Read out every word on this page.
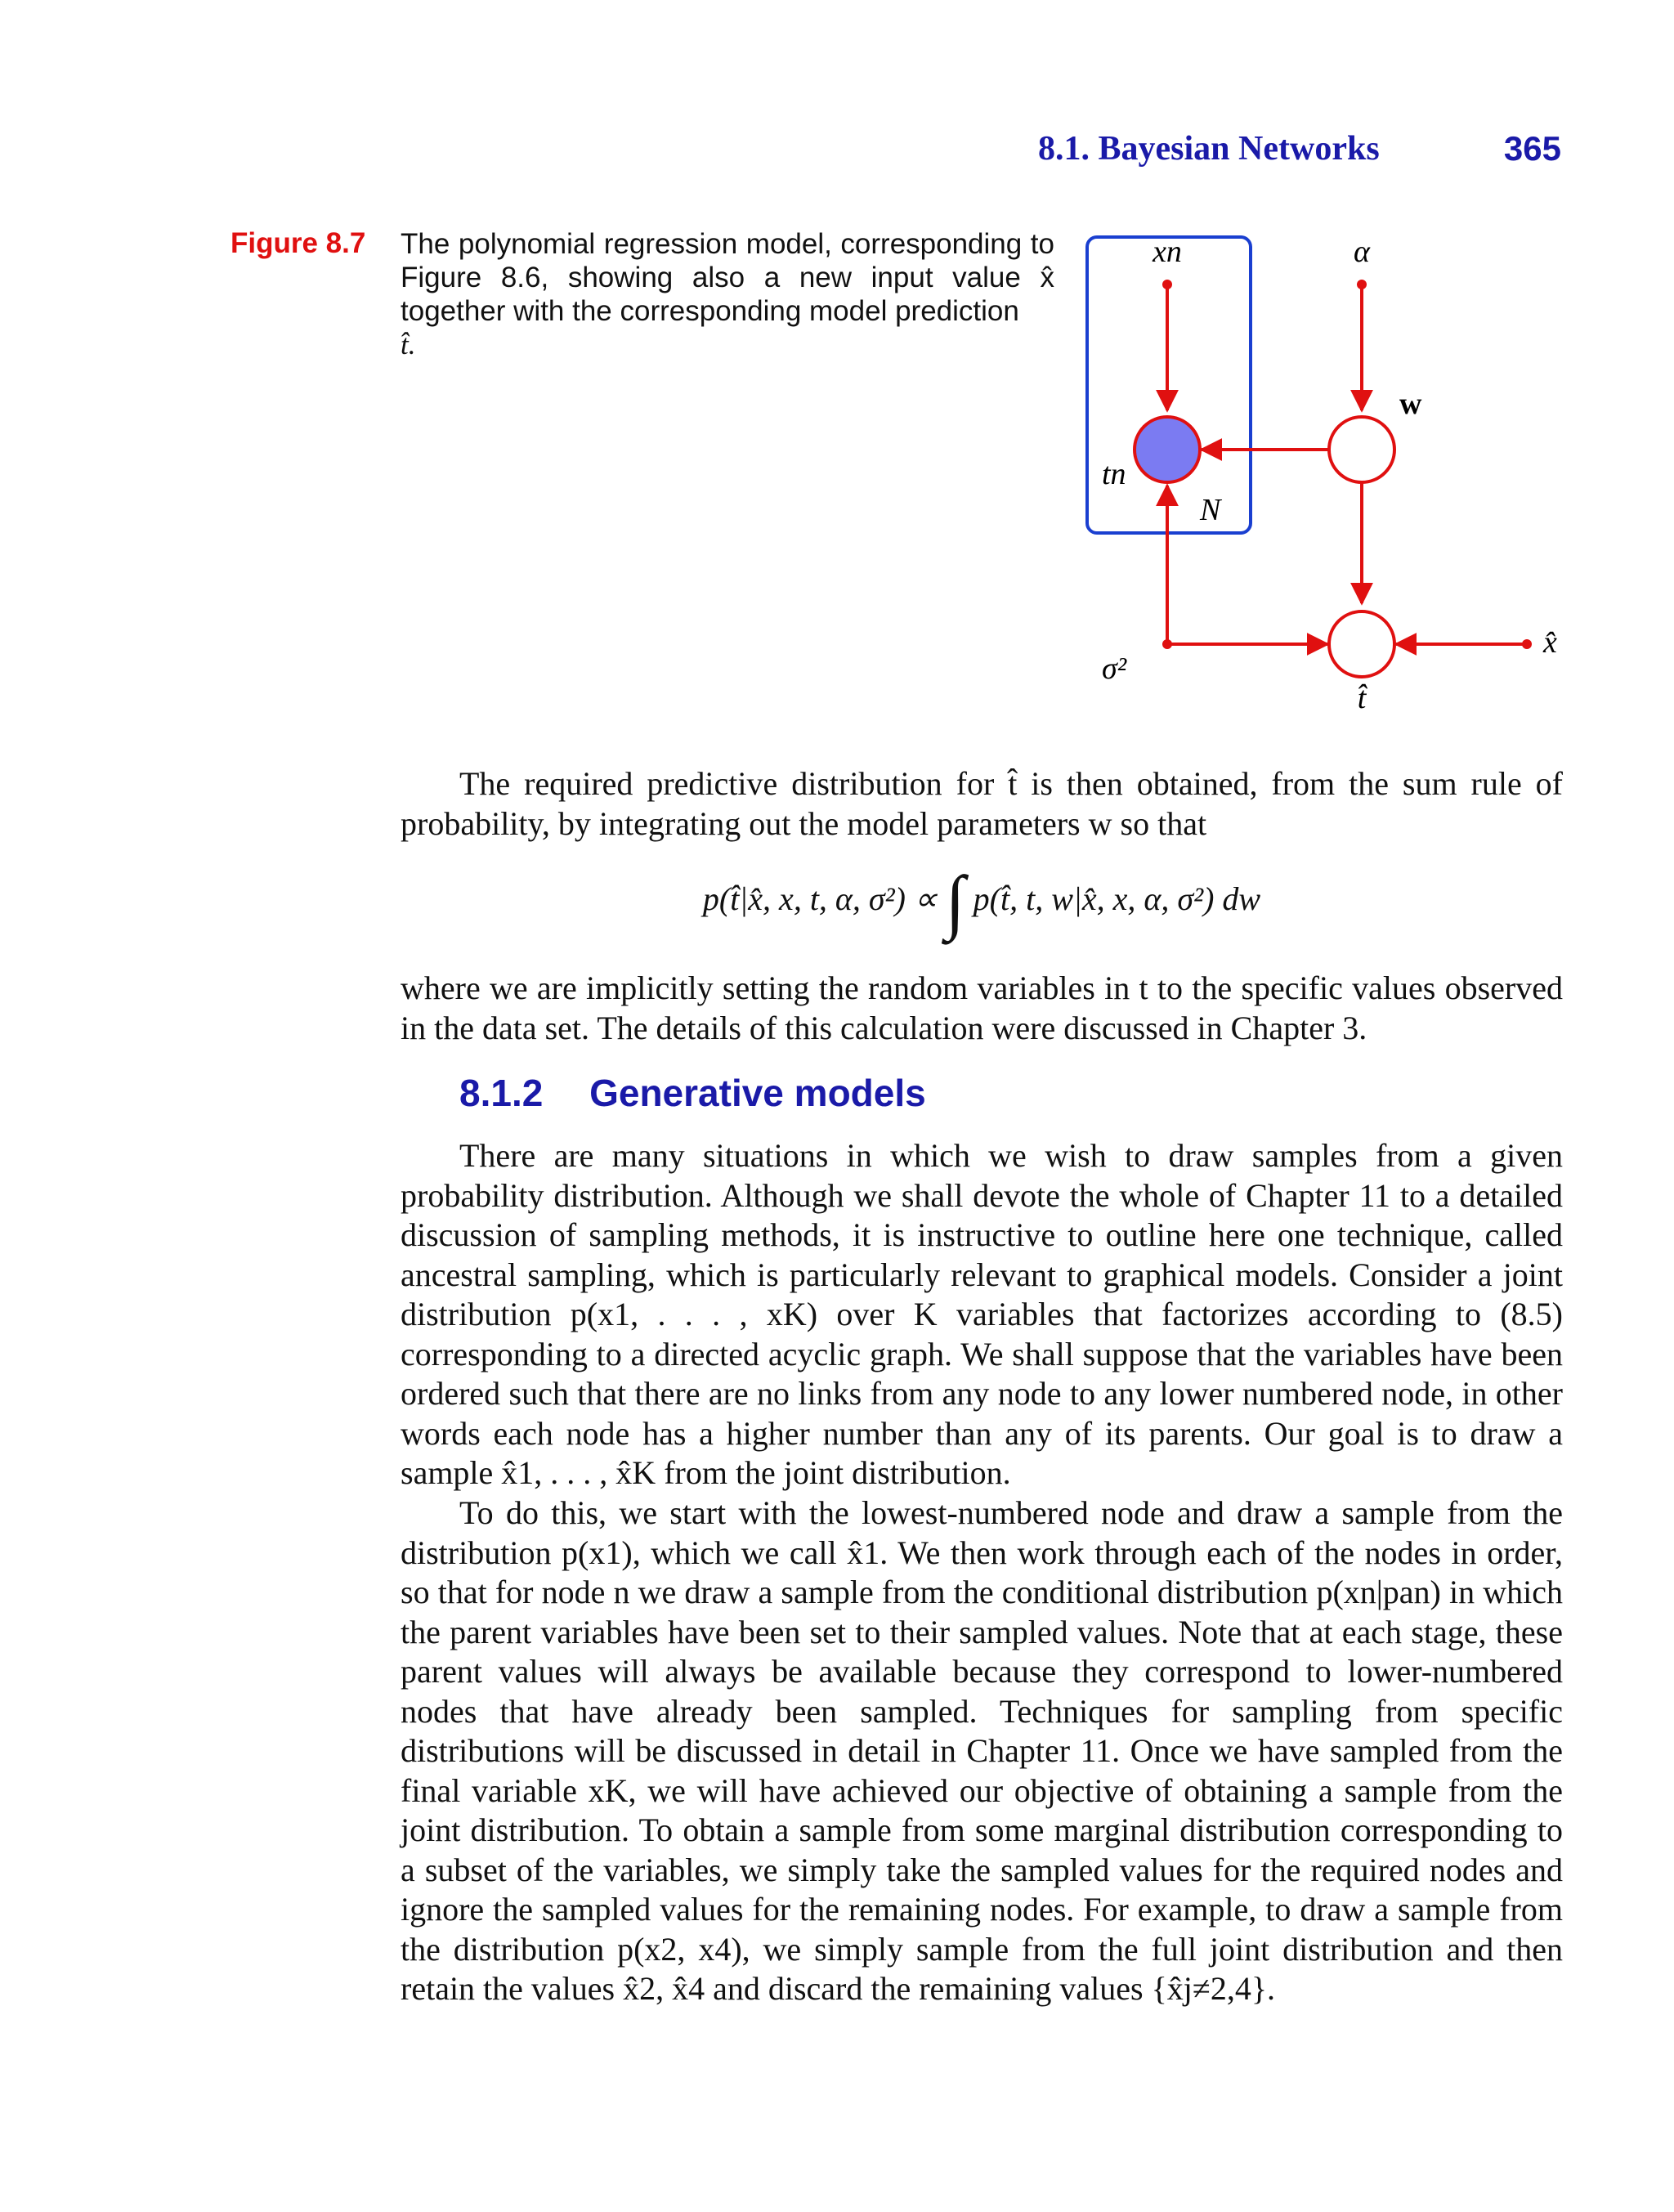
8.1. Bayesian Networks	365
Figure 8.7 The polynomial regression model, corresponding to Figure 8.6, showing also a new input value x̂ together with the corresponding model prediction
t̂.
xn	α
w
tn
N
σ²
t̂
x̂

The required predictive distribution for t̂ is then obtained, from the sum rule of probability, by integrating out the model parameters w so that

p(t̂|x̂, x, t, α, σ²) ∝ ∫ p(t̂, t, w|x̂, x, α, σ²) dw

where we are implicitly setting the random variables in t to the specific values observed in the data set. The details of this calculation were discussed in Chapter 3.

8.1.2 Generative models

There are many situations in which we wish to draw samples from a given probability distribution. Although we shall devote the whole of Chapter 11 to a detailed discussion of sampling methods, it is instructive to outline here one technique, called ancestral sampling, which is particularly relevant to graphical models. Consider a joint distribution p(x1, . . . , xK) over K variables that factorizes according to (8.5) corresponding to a directed acyclic graph. We shall suppose that the variables have been ordered such that there are no links from any node to any lower numbered node, in other words each node has a higher number than any of its parents. Our goal is to draw a sample x̂1, . . . , x̂K from the joint distribution.

To do this, we start with the lowest-numbered node and draw a sample from the distribution p(x1), which we call x̂1. We then work through each of the nodes in order, so that for node n we draw a sample from the conditional distribution p(xn|pan) in which the parent variables have been set to their sampled values. Note that at each stage, these parent values will always be available because they correspond to lower-numbered nodes that have already been sampled. Techniques for sampling from specific distributions will be discussed in detail in Chapter 11. Once we have sampled from the final variable xK, we will have achieved our objective of obtaining a sample from the joint distribution. To obtain a sample from some marginal distribution corresponding to a subset of the variables, we simply take the sampled values for the required nodes and ignore the sampled values for the remaining nodes. For example, to draw a sample from the distribution p(x2, x4), we simply sample from the full joint distribution and then retain the values x̂2, x̂4 and discard the remaining values {x̂j≠2,4}.
